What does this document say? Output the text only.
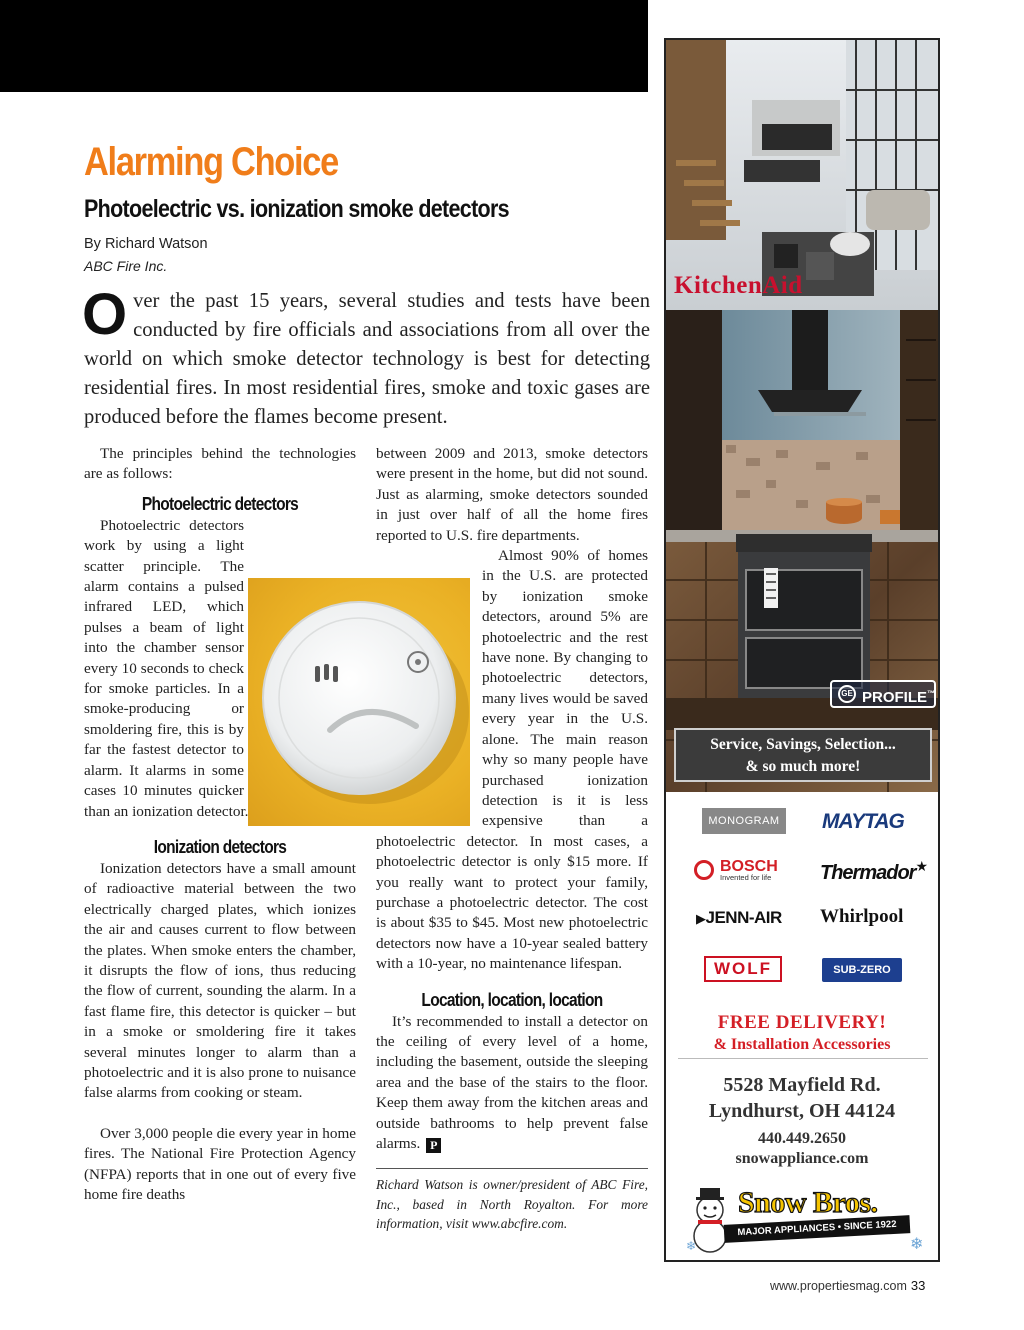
Alarming Choice
Photoelectric vs. ionization smoke detectors
By Richard Watson
ABC Fire Inc.
Over the past 15 years, several studies and tests have been conducted by fire officials and associations from all over the world on which smoke detector technology is best for detecting residential fires. In most residential fires, smoke and toxic gases are produced before the flames become present.

The principles behind the technologies are as follows:

Photoelectric detectors

Photoelectric detectors work by using a light scatter principle. The alarm contains a pulsed infrared LED, which pulses a beam of light into the chamber sensor every 10 seconds to check for smoke particles. In a smoke-producing or smoldering fire, this is by far the fastest detector to alarm. It alarms in some cases 10 minutes quicker than an ionization detector.

Ionization detectors

Ionization detectors have a small amount of radioactive material between the two electrically charged plates, which ionizes the air and causes current to flow between the plates. When smoke enters the chamber, it disrupts the flow of ions, thus reducing the flow of current, sounding the alarm. In a fast flame fire, this detector is quicker – but in a smoke or smoldering fire it takes several minutes longer to alarm than a photoelectric and it is also prone to nuisance false alarms from cooking or steam.

Over 3,000 people die every year in home fires. The National Fire Protection Agency (NFPA) reports that in one out of every five home fire deaths

between 2009 and 2013, smoke detectors were present in the home, but did not sound. Just as alarming, smoke detectors sounded in just over half of all the home fires reported to U.S. fire departments.

Almost 90% of homes in the U.S. are protected by ionization smoke detectors, around 5% are photoelectric and the rest have none. By changing to photoelectric detectors, many lives would be saved every year in the U.S. alone. The main reason why so many people have purchased ionization detection is it is less expensive than a photoelectric detector. In most cases, a photoelectric detector is only $15 more. If you really want to protect your family, purchase a photoelectric detector. The cost is about $35 to $45. Most new photoelectric detectors now have a 10-year sealed battery with a 10-year, no maintenance lifespan.

Location, location, location

It’s recommended to install a detector on the ceiling of every level of a home, including the basement, outside the sleeping area and the base of the stairs to the floor. Keep them away from the kitchen areas and outside bathrooms to help prevent false alarms. P

Richard Watson is owner/president of ABC Fire, Inc., based in North Royalton. For more information, visit www.abcfire.com.

www.propertiesmag.com 33
KitchenAid
GE PROFILE™
Service, Savings, Selection...
& so much more!
MONOGRAM	MAYTAG
BOSCH
Invented for life	Thermador★
▶JENN-AIR Whirlpool
WOLF	SUB-ZERO
FREE DELIVERY!
& Installation Accessories
5528 Mayfield Rd.
Lyndhurst, OH 44124
440.449.2650
snowappliance.com
❄
Snow Bros.
MAJOR APPLIANCES • SINCE 1922
❄
